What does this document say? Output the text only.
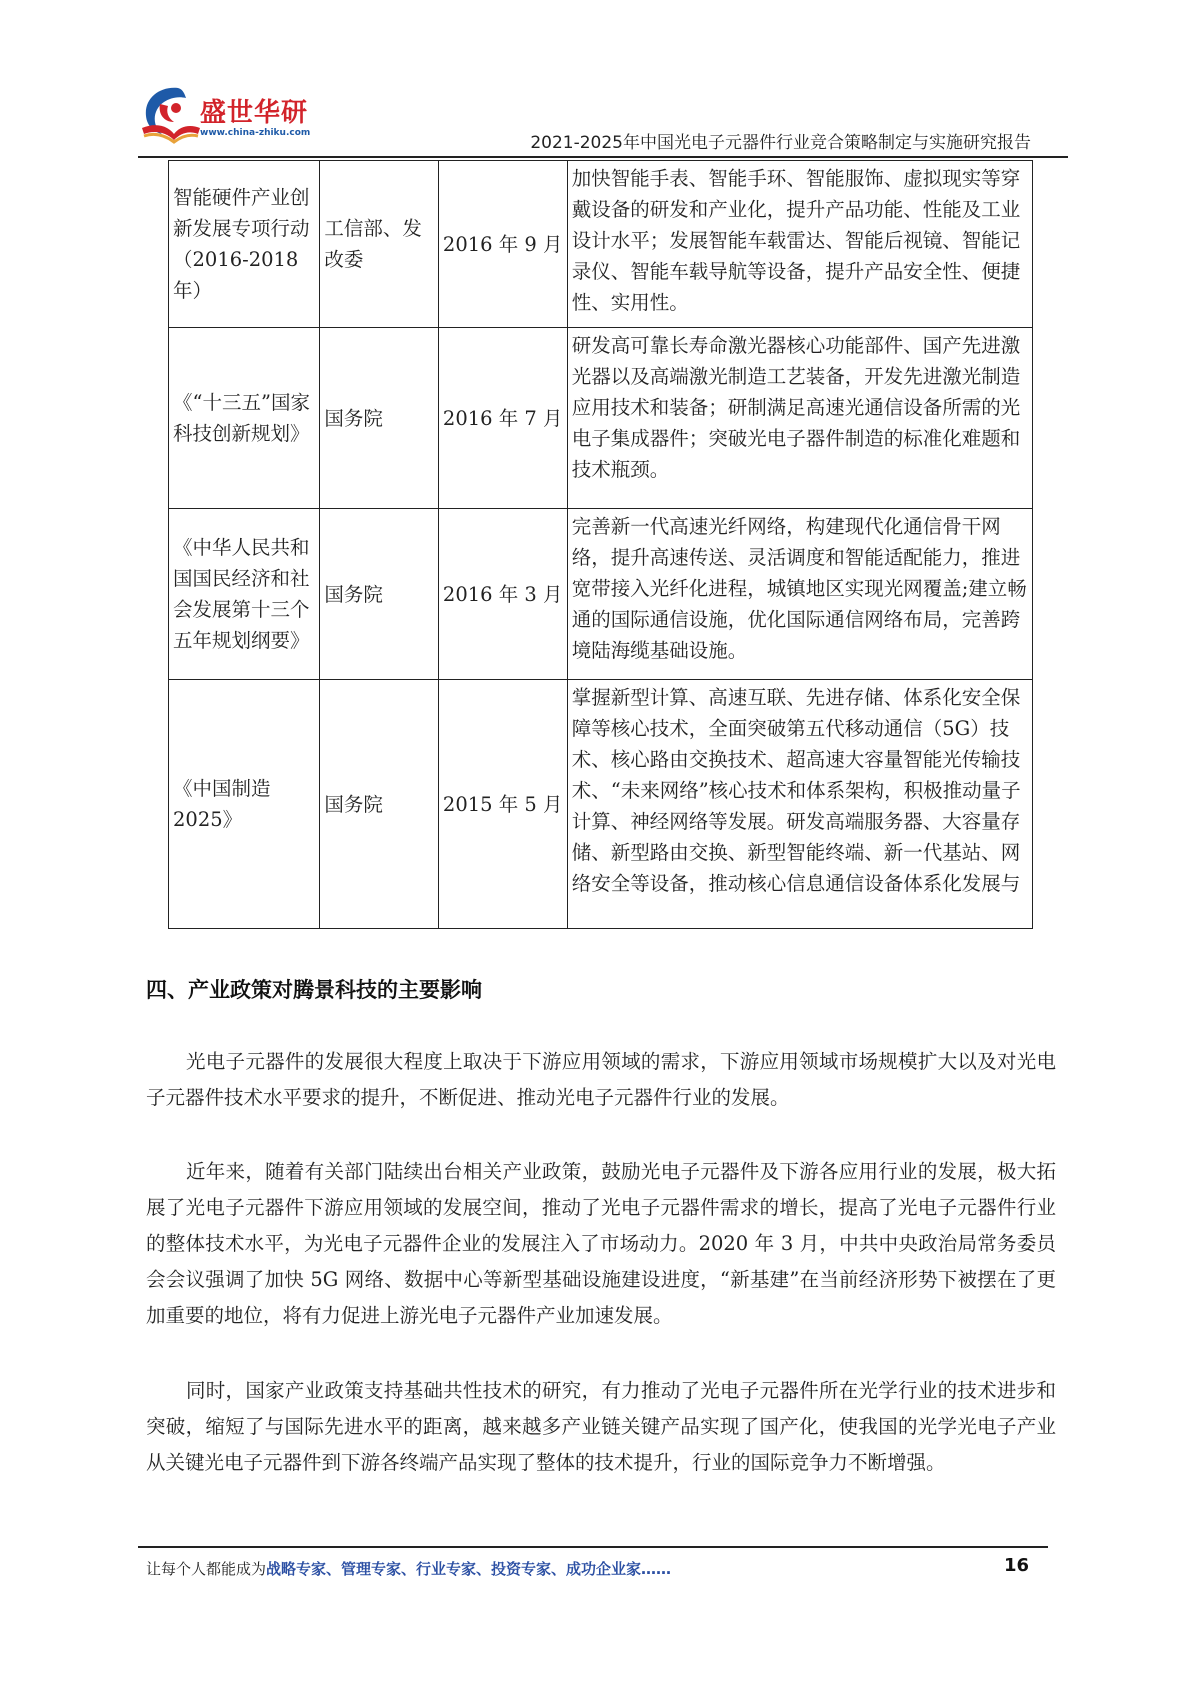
盛世华研
www.china-zhiku.com	2021-2025年中国光电子元器件行业竞合策略制定与实施研究报告
智能硬件产业创新发展专项行动（2016-2018年）	工信部、发改委	2016 年 9 月	加快智能手表、智能手环、智能服饰、虚拟现实等穿戴设备的研发和产业化，提升产品功能、性能及工业设计水平；发展智能车载雷达、智能后视镜、智能记录仪、智能车载导航等设备，提升产品安全性、便捷性、实用性。
《“十三五”国家科技创新规划》	国务院	2016 年 7 月	研发高可靠长寿命激光器核心功能部件、国产先进激光器以及高端激光制造工艺装备，开发先进激光制造应用技术和装备；研制满足高速光通信设备所需的光电子集成器件；突破光电子器件制造的标准化难题和技术瓶颈。
《中华人民共和国国民经济和社会发展第十三个五年规划纲要》	国务院	2016 年 3 月	完善新一代高速光纤网络，构建现代化通信骨干网络，提升高速传送、灵活调度和智能适配能力，推进宽带接入光纤化进程，城镇地区实现光网覆盖;建立畅通的国际通信设施，优化国际通信网络布局，完善跨境陆海缆基础设施。
《中国制造2025》	国务院	2015 年 5 月	掌握新型计算、高速互联、先进存储、体系化安全保障等核心技术，全面突破第五代移动通信（5G）技术、核心路由交换技术、超高速大容量智能光传输技术、“未来网络”核心技术和体系架构，积极推动量子计算、神经网络等发展。研发高端服务器、大容量存储、新型路由交换、新型智能终端、新一代基站、网络安全等设备，推动核心信息通信设备体系化发展与
四、产业政策对腾景科技的主要影响

光电子元器件的发展很大程度上取决于下游应用领域的需求，下游应用领域市场规模扩大以及对光电子元器件技术水平要求的提升，不断促进、推动光电子元器件行业的发展。

近年来，随着有关部门陆续出台相关产业政策，鼓励光电子元器件及下游各应用行业的发展，极大拓展了光电子元器件下游应用领域的发展空间，推动了光电子元器件需求的增长，提高了光电子元器件行业的整体技术水平，为光电子元器件企业的发展注入了市场动力。2020 年 3 月，中共中央政治局常务委员会会议强调了加快 5G 网络、数据中心等新型基础设施建设进度，“新基建”在当前经济形势下被摆在了更加重要的地位，将有力促进上游光电子元器件产业加速发展。

同时，国家产业政策支持基础共性技术的研究，有力推动了光电子元器件所在光学行业的技术进步和突破，缩短了与国际先进水平的距离，越来越多产业链关键产品实现了国产化，使我国的光学光电子产业从关键光电子元器件到下游各终端产品实现了整体的技术提升，行业的国际竞争力不断增强。

让每个人都能成为战略专家、管理专家、行业专家、投资专家、成功企业家……	16
